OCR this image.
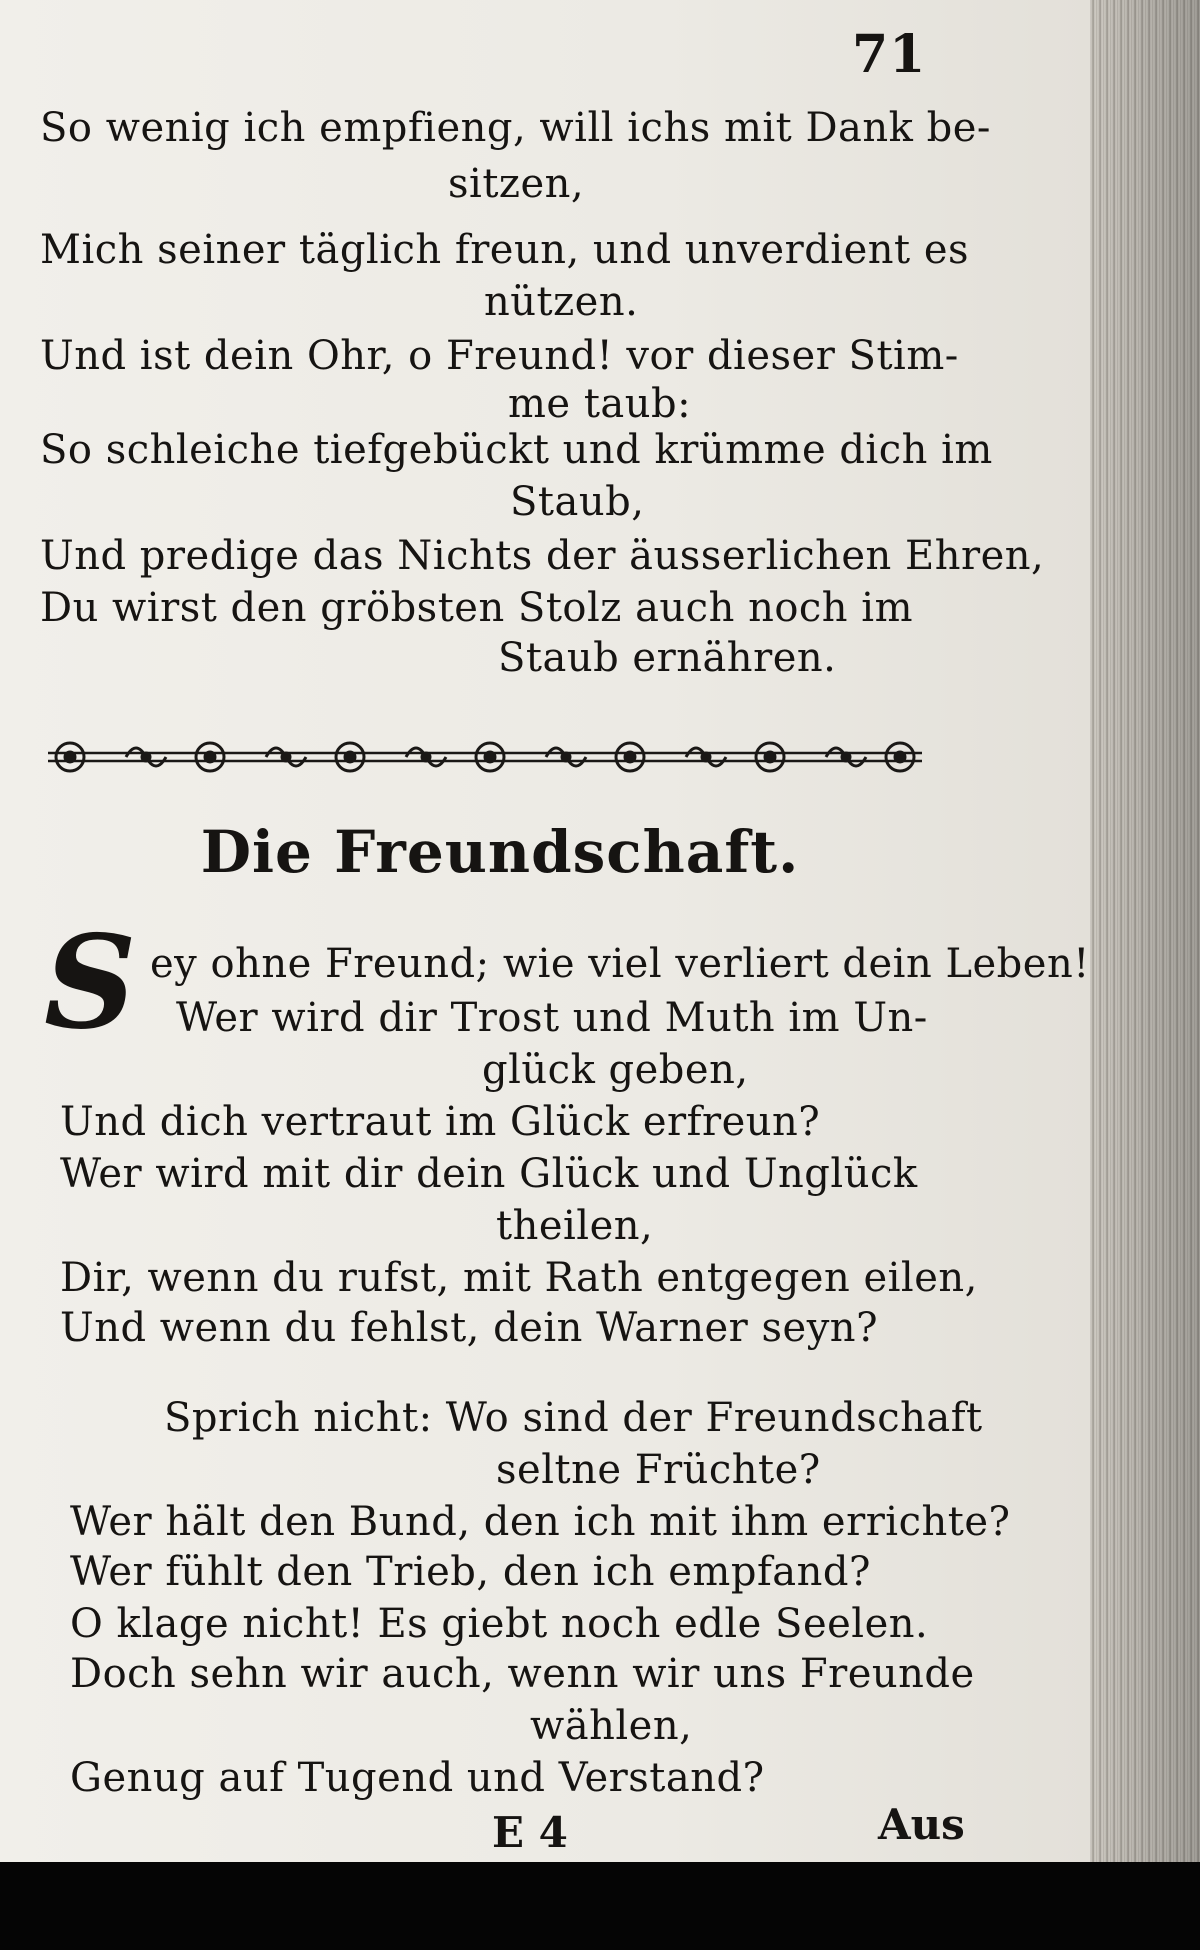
71
So wenig ich empfieng, will ichs mit Dank be-
sitzen,
Mich seiner täglich freun, und unverdient es
nützen.
Und ist dein Ohr, o Freund! vor dieser Stim-
me taub:
So schleiche tiefgebückt und krümme dich im
Staub,
Und predige das Nichts der äusserlichen Ehren,
Du wirst den gröbsten Stolz auch noch im
Staub ernähren.
Die Freundschaft.
S ey ohne Freund; wie viel verliert dein Leben!
Wer wird dir Trost und Muth im Un-
glück geben,
Und dich vertraut im Glück erfreun?
Wer wird mit dir dein Glück und Unglück
theilen,
Dir, wenn du rufst, mit Rath entgegen eilen,
Und wenn du fehlst, dein Warner seyn?
Sprich nicht: Wo sind der Freundschaft
seltne Früchte?
Wer hält den Bund, den ich mit ihm errichte?
Wer fühlt den Trieb, den ich empfand?
O klage nicht! Es giebt noch edle Seelen.
Doch sehn wir auch, wenn wir uns Freunde
wählen,
Genug auf Tugend und Verstand?
E 4	Aus
